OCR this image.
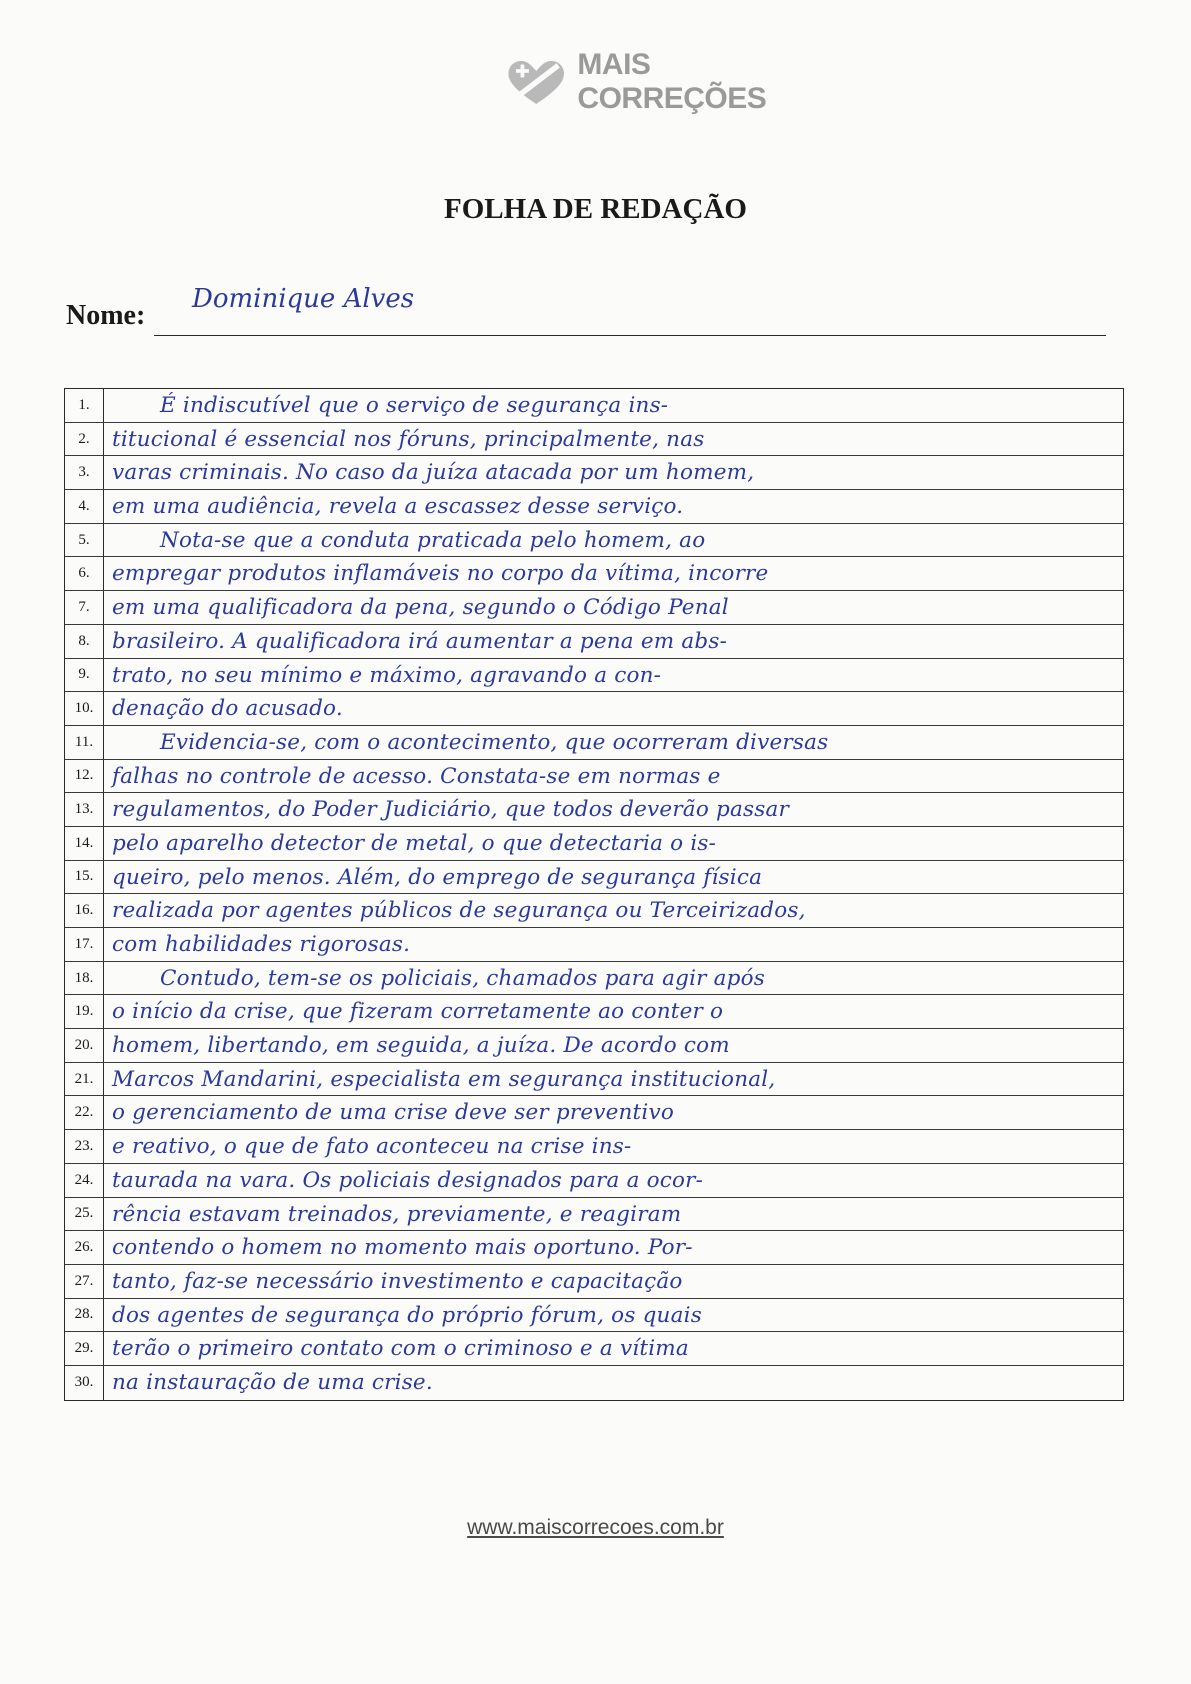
MAIS CORREÇÕES
FOLHA DE REDAÇÃO
Nome:
Dominique Alves
1.	É indiscutível que o serviço de segurança ins-
2.	titucional é essencial nos fóruns, principalmente, nas
3.	varas criminais. No caso da juíza atacada por um homem,
4.	em uma audiência, revela a escassez desse serviço.
5.	Nota-se que a conduta praticada pelo homem, ao
6.	empregar produtos inflamáveis no corpo da vítima, incorre
7.	em uma qualificadora da pena, segundo o Código Penal
8.	brasileiro. A qualificadora irá aumentar a pena em abs-
9.	trato, no seu mínimo e máximo, agravando a con-
10. denação do acusado.
11.	Evidencia-se, com o acontecimento, que ocorreram diversas
12. falhas no controle de acesso. Constata-se em normas e
13. regulamentos, do Poder Judiciário, que todos deverão passar
14. pelo aparelho detector de metal, o que detectaria o is-
15. queiro, pelo menos. Além, do emprego de segurança física
16. realizada por agentes públicos de segurança ou Terceirizados,
17. com habilidades rigorosas.
18.	Contudo, tem-se os policiais, chamados para agir após
19. o início da crise, que fizeram corretamente ao conter o
20. homem, libertando, em seguida, a juíza. De acordo com
21. Marcos Mandarini, especialista em segurança institucional,
22. o gerenciamento de uma crise deve ser preventivo
23. e reativo, o que de fato aconteceu na crise ins-
24. taurada na vara. Os policiais designados para a ocor-
25. rência estavam treinados, previamente, e reagiram
26. contendo o homem no momento mais oportuno. Por-
27. tanto, faz-se necessário investimento e capacitação
28. dos agentes de segurança do próprio fórum, os quais
29. terão o primeiro contato com o criminoso e a vítima
30. na instauração de uma crise.
www.maiscorrecoes.com.br
